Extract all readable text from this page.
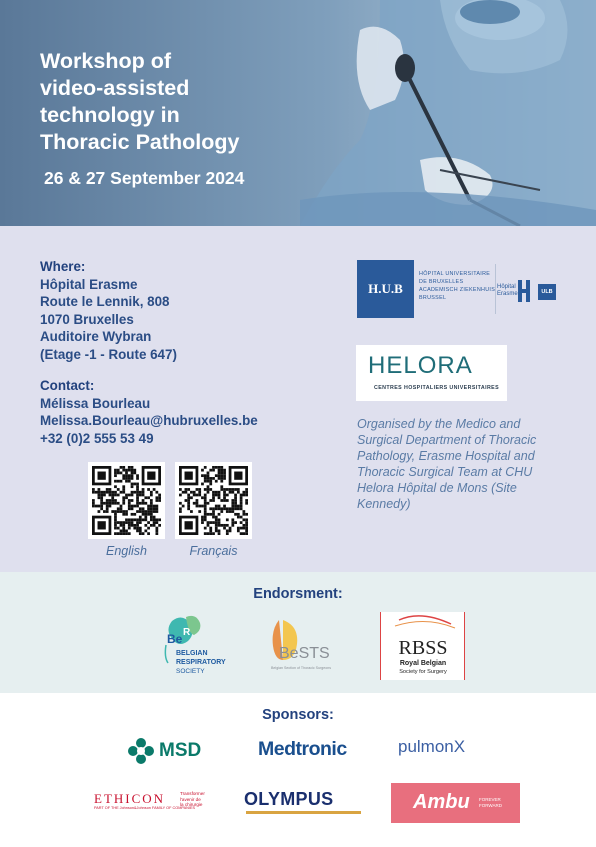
Workshop of
video-assisted
technology in
Thoracic Pathology
26 & 27 September 2024
Where:
Hôpital Erasme
Route le Lennik, 808
1070 Bruxelles
Auditoire Wybran
(Etage -1 - Route 647)
Contact:
Mélissa Bourleau
Melissa.Bourleau@hubruxelles.be
+32 (0)2 555 53 49
English	Français
H.U.B
HÔPITAL UNIVERSITAIRE
DE BRUXELLES
ACADEMISCH ZIEKENHUIS
BRUSSEL
Hôpital
Erasme	ULB
HELORA
CENTRES HOSPITALIERS UNIVERSITAIRES
Organised by the Medico and Surgical Department of Thoracic Pathology, Erasme Hospital and Thoracic Surgical Team at CHU Helora Hôpital de Mons (Site Kennedy)
Endorsment:
Be R
BELGIAN
RESPIRATORY
SOCIETY
BeSTS
Belgian Section of Thoracic Surgeons
RBSS
Royal Belgian
Society for Surgery
Sponsors:
MSD	Medtronic	pulmonX
ETHICON
PART OF THE Johnson&Johnson FAMILY OF COMPANIES
Transformer
l'avenir de
la chirurgie	OLYMPUS	Ambu FOREVER
FORWARD
